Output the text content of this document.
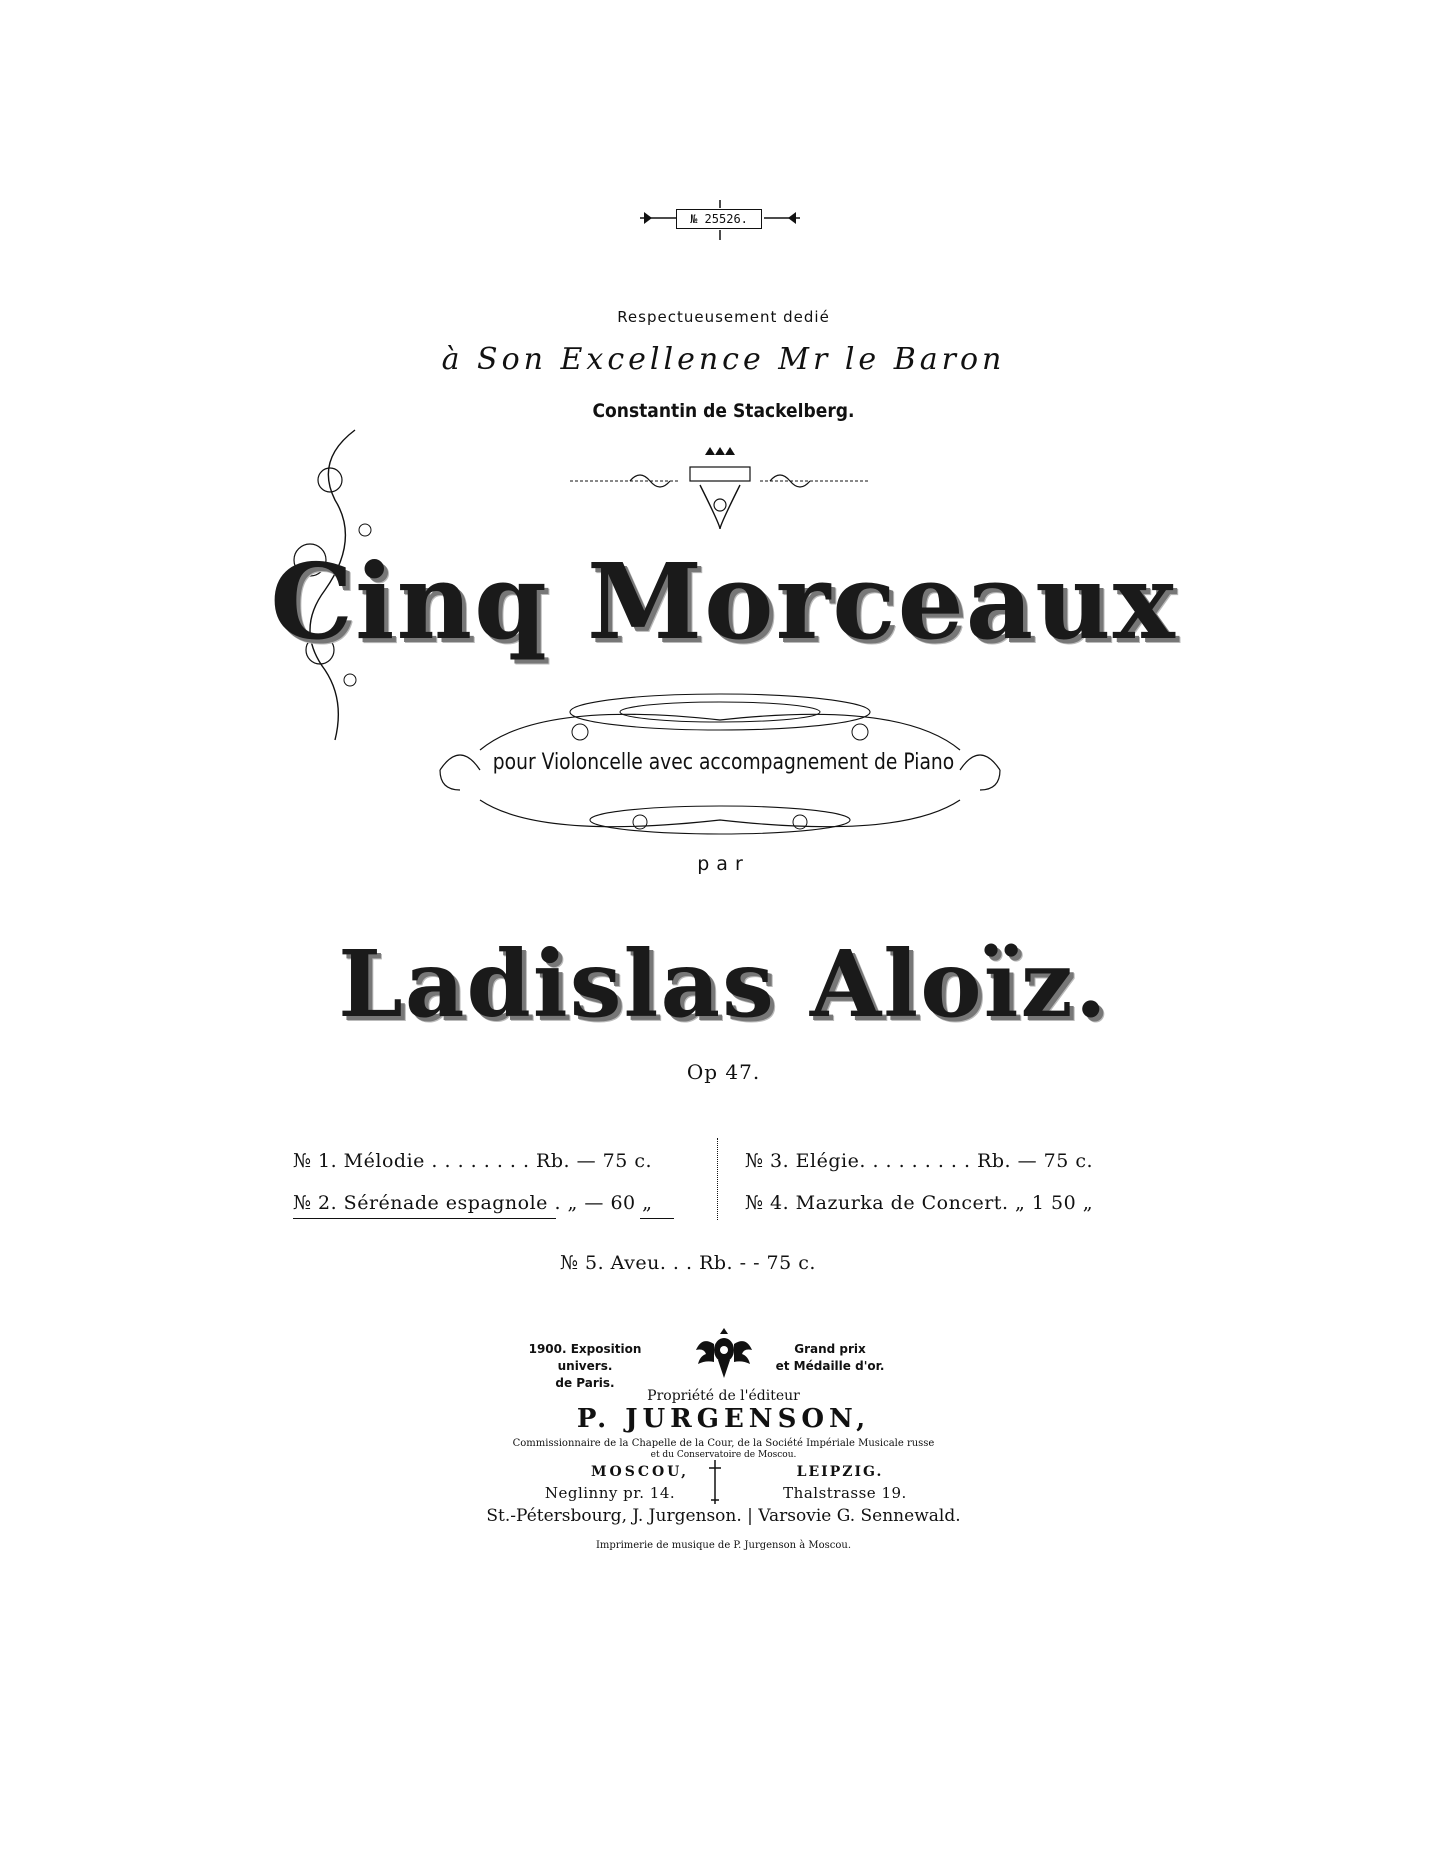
№ 25526.
Respectueusement dedié
à Son Excellence Mr le Baron
Constantin de Stackelberg.
Cinq Morceaux
pour Violoncelle avec accompagnement de Piano
par
Ladislas Aloïz.
Op 47.
№ 1. Mélodie . . . . . . . . Rb. — 75 c.
№ 2. Sérénade espagnole . „ — 60 „
№ 3. Elégie. . . . . . . . . Rb. — 75 c.
№ 4. Mazurka de Concert. „ 1 50 „
№ 5. Aveu. . . Rb. - - 75 c.
1900. Exposition univers.
de Paris.
Grand prix
et Médaille d'or.
Propriété de l'éditeur
P. JURGENSON,
Commissionnaire de la Chapelle de la Cour, de la Société Impériale Musicale russe
et du Conservatoire de Moscou.
MOSCOU,	LEIPZIG.
Neglinny pr. 14.	Thalstrasse 19.
St.-Pétersbourg, J. Jurgenson. | Varsovie G. Sennewald.
Imprimerie de musique de P. Jurgenson à Moscou.
